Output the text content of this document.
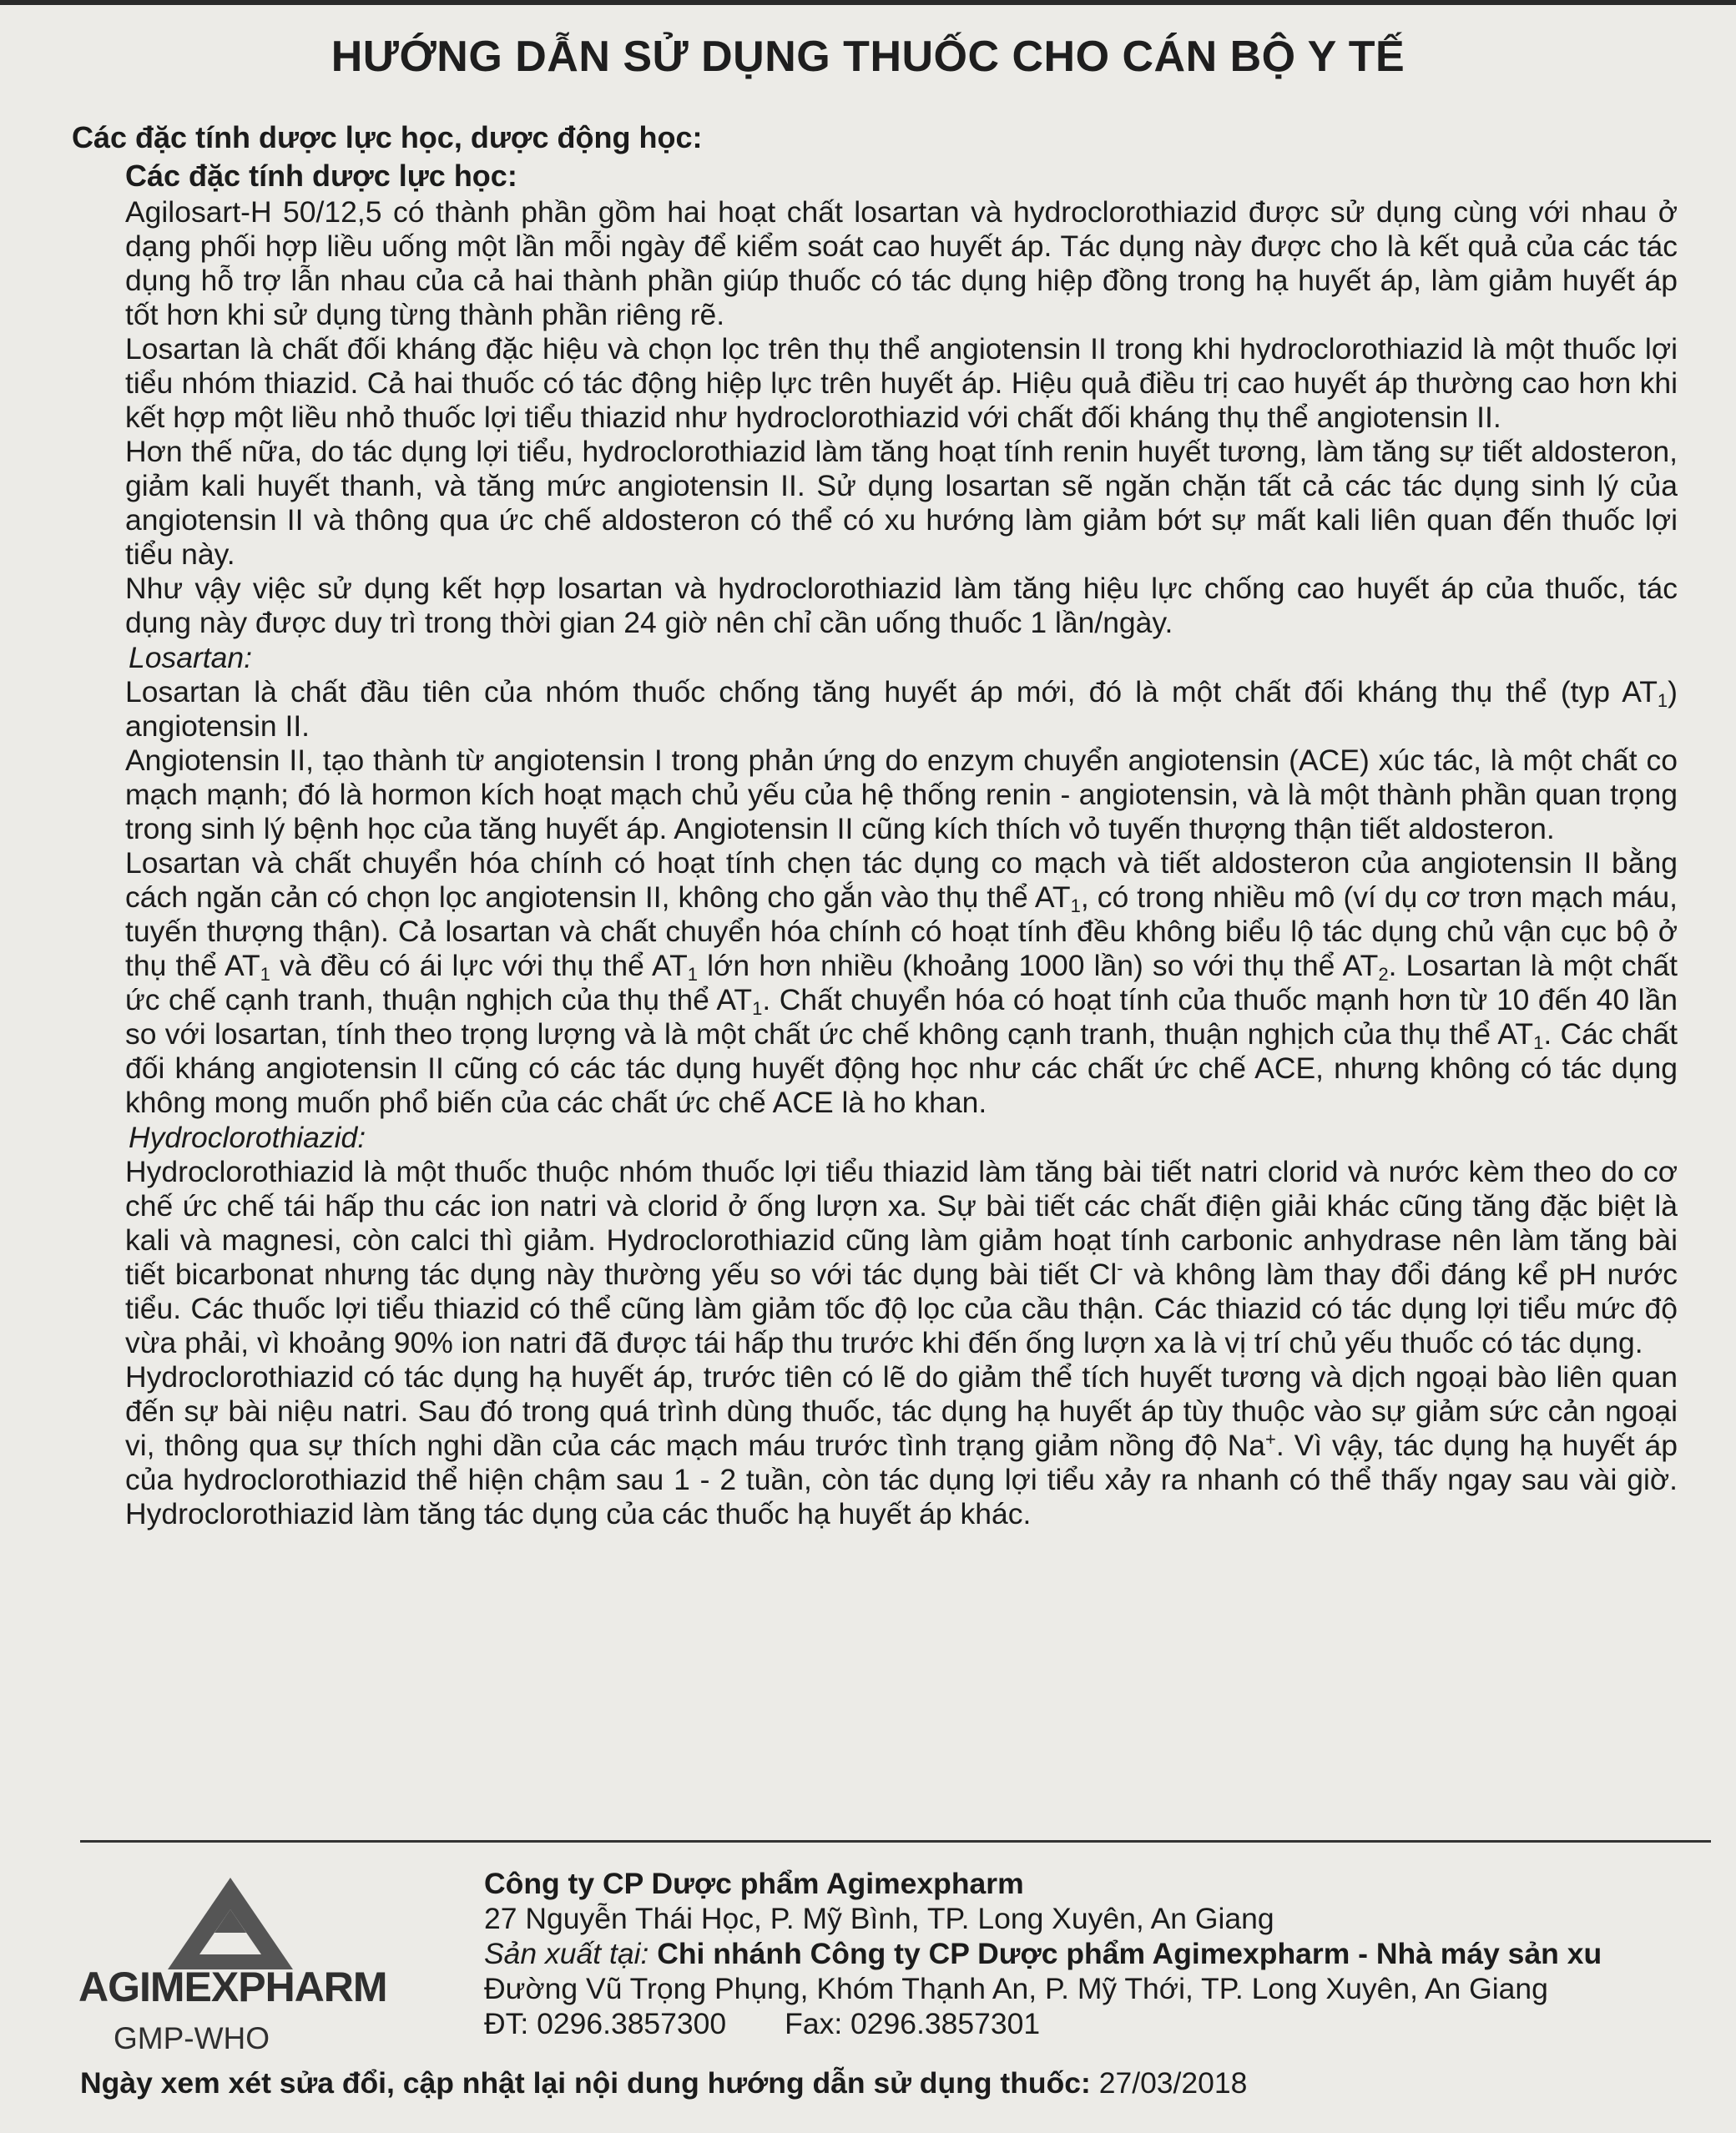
HƯỚNG DẪN SỬ DỤNG THUỐC CHO CÁN BỘ Y TẾ
Các đặc tính dược lực học, dược động học:
Các đặc tính dược lực học:

Agilosart-H 50/12,5 có thành phần gồm hai hoạt chất losartan và hydroclorothiazid được sử dụng cùng với nhau ở dạng phối hợp liều uống một lần mỗi ngày để kiểm soát cao huyết áp. Tác dụng này được cho là kết quả của các tác dụng hỗ trợ lẫn nhau của cả hai thành phần giúp thuốc có tác dụng hiệp đồng trong hạ huyết áp, làm giảm huyết áp tốt hơn khi sử dụng từng thành phần riêng rẽ.

Losartan là chất đối kháng đặc hiệu và chọn lọc trên thụ thể angiotensin II trong khi hydroclorothiazid là một thuốc lợi tiểu nhóm thiazid. Cả hai thuốc có tác động hiệp lực trên huyết áp. Hiệu quả điều trị cao huyết áp thường cao hơn khi kết hợp một liều nhỏ thuốc lợi tiểu thiazid như hydroclorothiazid với chất đối kháng thụ thể angiotensin II.

Hơn thế nữa, do tác dụng lợi tiểu, hydroclorothiazid làm tăng hoạt tính renin huyết tương, làm tăng sự tiết aldosteron, giảm kali huyết thanh, và tăng mức angiotensin II. Sử dụng losartan sẽ ngăn chặn tất cả các tác dụng sinh lý của angiotensin II và thông qua ức chế aldosteron có thể có xu hướng làm giảm bớt sự mất kali liên quan đến thuốc lợi tiểu này.

Như vậy việc sử dụng kết hợp losartan và hydroclorothiazid làm tăng hiệu lực chống cao huyết áp của thuốc, tác dụng này được duy trì trong thời gian 24 giờ nên chỉ cần uống thuốc 1 lần/ngày.

Losartan:

Losartan là chất đầu tiên của nhóm thuốc chống tăng huyết áp mới, đó là một chất đối kháng thụ thể (typ $AT_1$) angiotensin II.

Angiotensin II, tạo thành từ angiotensin I trong phản ứng do enzym chuyển angiotensin (ACE) xúc tác, là một chất co mạch mạnh; đó là hormon kích hoạt mạch chủ yếu của hệ thống renin - angiotensin, và là một thành phần quan trọng trong sinh lý bệnh học của tăng huyết áp. Angiotensin II cũng kích thích vỏ tuyến thượng thận tiết aldosteron.

Losartan và chất chuyển hóa chính có hoạt tính chẹn tác dụng co mạch và tiết aldosteron của angiotensin II bằng cách ngăn cản có chọn lọc angiotensin II, không cho gắn vào thụ thể $AT_1$, có trong nhiều mô (ví dụ cơ trơn mạch máu, tuyến thượng thận). Cả losartan và chất chuyển hóa chính có hoạt tính đều không biểu lộ tác dụng chủ vận cục bộ ở thụ thể $AT_1$ và đều có ái lực với thụ thể $AT_1$ lớn hơn nhiều (khoảng 1000 lần) so với thụ thể $AT_2$. Losartan là một chất ức chế cạnh tranh, thuận nghịch của thụ thể $AT_1$. Chất chuyển hóa có hoạt tính của thuốc mạnh hơn từ 10 đến 40 lần so với losartan, tính theo trọng lượng và là một chất ức chế không cạnh tranh, thuận nghịch của thụ thể $AT_1$. Các chất đối kháng angiotensin II cũng có các tác dụng huyết động học như các chất ức chế ACE, nhưng không có tác dụng không mong muốn phổ biến của các chất ức chế ACE là ho khan.

Hydroclorothiazid:

Hydroclorothiazid là một thuốc thuộc nhóm thuốc lợi tiểu thiazid làm tăng bài tiết natri clorid và nước kèm theo do cơ chế ức chế tái hấp thu các ion natri và clorid ở ống lượn xa. Sự bài tiết các chất điện giải khác cũng tăng đặc biệt là kali và magnesi, còn calci thì giảm. Hydroclorothiazid cũng làm giảm hoạt tính carbonic anhydrase nên làm tăng bài tiết bicarbonat nhưng tác dụng này thường yếu so với tác dụng bài tiết Cl- và không làm thay đổi đáng kể pH nước tiểu. Các thuốc lợi tiểu thiazid có thể cũng làm giảm tốc độ lọc của cầu thận. Các thiazid có tác dụng lợi tiểu mức độ vừa phải, vì khoảng 90% ion natri đã được tái hấp thu trước khi đến ống lượn xa là vị trí chủ yếu thuốc có tác dụng.

Hydroclorothiazid có tác dụng hạ huyết áp, trước tiên có lẽ do giảm thể tích huyết tương và dịch ngoại bào liên quan đến sự bài niệu natri. Sau đó trong quá trình dùng thuốc, tác dụng hạ huyết áp tùy thuộc vào sự giảm sức cản ngoại vi, thông qua sự thích nghi dần của các mạch máu trước tình trạng giảm nồng độ Na+. Vì vậy, tác dụng hạ huyết áp của hydroclorothiazid thể hiện chậm sau 1 - 2 tuần, còn tác dụng lợi tiểu xảy ra nhanh có thể thấy ngay sau vài giờ. Hydroclorothiazid làm tăng tác dụng của các thuốc hạ huyết áp khác.

AGIMEXPHARM
GMP-WHO
Công ty CP Dược phẩm Agimexpharm
27 Nguyễn Thái Học, P. Mỹ Bình, TP. Long Xuyên, An Giang
Sản xuất tại: Chi nhánh Công ty CP Dược phẩm Agimexpharm - Nhà máy sản xu
Đường Vũ Trọng Phụng, Khóm Thạnh An, P. Mỹ Thới, TP. Long Xuyên, An Giang
ĐT: 0296.3857300 Fax: 0296.3857301
Ngày xem xét sửa đổi, cập nhật lại nội dung hướng dẫn sử dụng thuốc: 27/03/2018
